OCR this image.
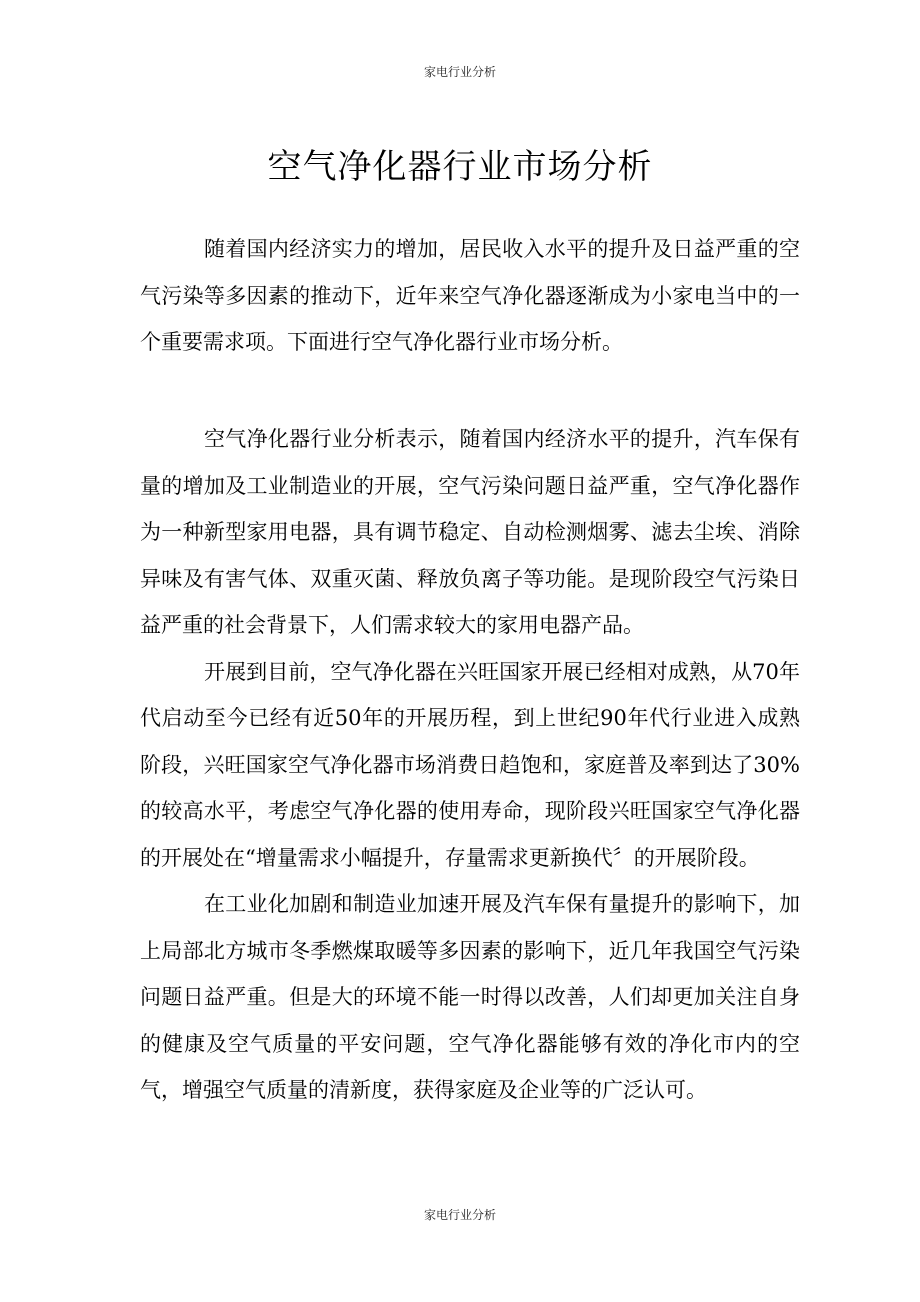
家电行业分析
空气净化器行业市场分析

随着国内经济实力的增加，居民收入水平的提升及日益严重的空气污染等多因素的推动下，近年来空气净化器逐渐成为小家电当中的一个重要需求项。下面进行空气净化器行业市场分析。

空气净化器行业分析表示，随着国内经济水平的提升，汽车保有量的增加及工业制造业的开展，空气污染问题日益严重，空气净化器作为一种新型家用电器，具有调节稳定、自动检测烟雾、滤去尘埃、消除异味及有害气体、双重灭菌、释放负离子等功能。是现阶段空气污染日益严重的社会背景下，人们需求较大的家用电器产品。

开展到目前，空气净化器在兴旺国家开展已经相对成熟，从70年代启动至今已经有近50年的开展历程，到上世纪90年代行业进入成熟阶段，兴旺国家空气净化器市场消费日趋饱和，家庭普及率到达了30%的较高水平，考虑空气净化器的使用寿命，现阶段兴旺国家空气净化器的开展处在“增量需求小幅提升，存量需求更新换代〞的开展阶段。

在工业化加剧和制造业加速开展及汽车保有量提升的影响下，加上局部北方城市冬季燃煤取暖等多因素的影响下，近几年我国空气污染问题日益严重。但是大的环境不能一时得以改善，人们却更加关注自身的健康及空气质量的平安问题，空气净化器能够有效的净化市内的空气，增强空气质量的清新度，获得家庭及企业等的广泛认可。

家电行业分析
